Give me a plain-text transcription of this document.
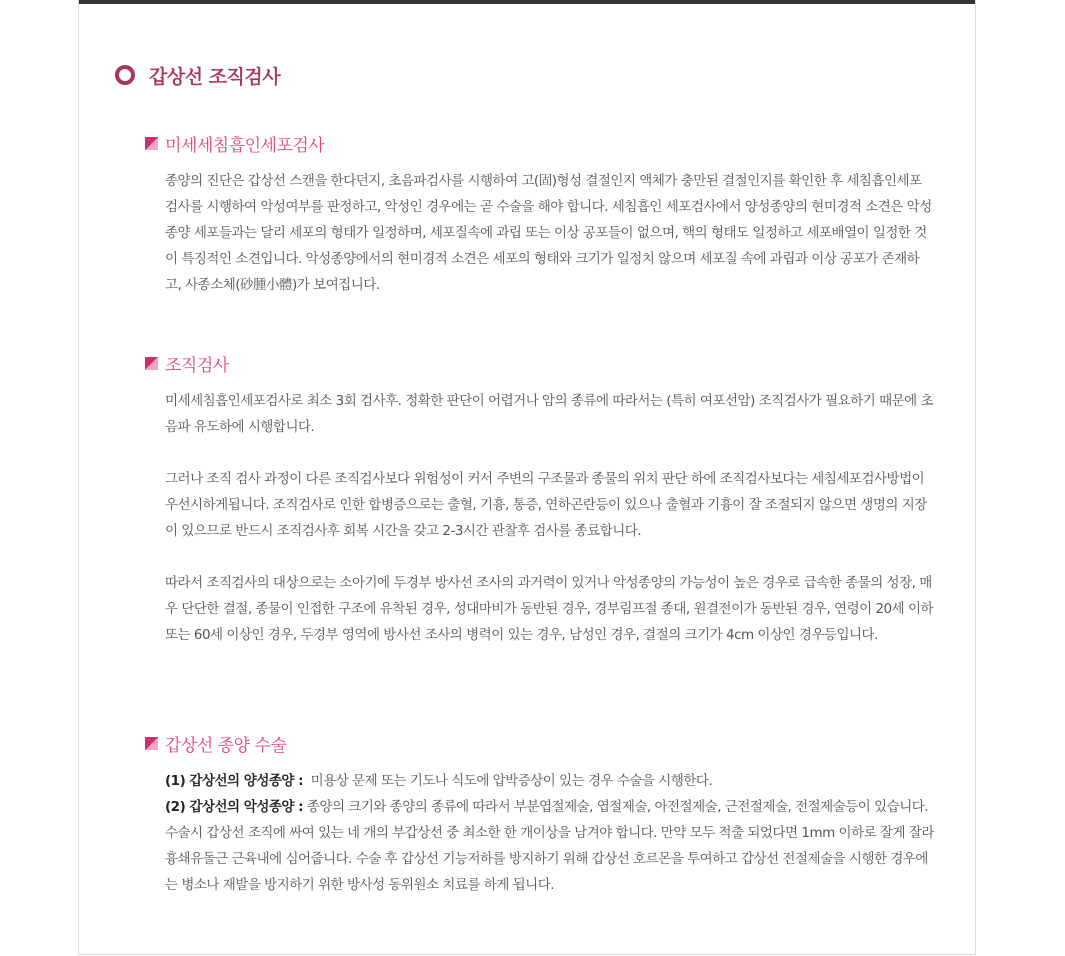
갑상선 조직검사
미세세침흡인세포검사

종양의 진단은 갑상선 스캔을 한다던지, 초음파검사를 시행하여 고(固)형성 결절인지 액체가 충만된 결절인지를 확인한 후 세침흡인세포 검사를 시행하여 악성여부를 판정하고, 악성인 경우에는 곧 수술을 해야 합니다. 세침흡인 세포검사에서 양성종양의 현미경적 소견은 악성종양 세포들과는 달리 세포의 형태가 일정하며, 세포질속에 과립 또는 이상 공포들이 없으며, 핵의 형태도 일정하고 세포배열이 일정한 것이 특징적인 소견입니다. 악성종양에서의 현미경적 소견은 세포의 형태와 크기가 일정치 않으며 세포질 속에 과립과 이상 공포가 존재하고, 사종소체(砂腫小體)가 보여집니다.

조직검사

미세세침흡인세포검사로 최소 3회 검사후. 정확한 판단이 어렵거나 암의 종류에 따라서는 (특히 여포선암) 조직검사가 필요하기 때문에 초음파 유도하에 시행합니다.

그러나 조직 검사 과정이 다른 조직검사보다 위험성이 커서 주변의 구조물과 종물의 위치 판단 하에 조직검사보다는 세침세포검사방법이 우선시하게됩니다. 조직검사로 인한 합병증으로는 출혈, 기흉, 통증, 연하곤란등이 있으나 출혈과 기흉이 잘 조절되지 않으면 생명의 지장이 있으므로 반드시 조직검사후 회복 시간을 갖고 2-3시간 관찰후 검사를 종료합니다.

따라서 조직검사의 대상으로는 소아기에 두경부 방사선 조사의 과거력이 있거나 악성종양의 가능성이 높은 경우로 급속한 종물의 성장, 매우 단단한 결절, 종물이 인접한 구조에 유착된 경우, 성대마비가 동반된 경우, 경부림프절 종대, 원결전이가 동반된 경우, 연령이 20세 이하 또는 60세 이상인 경우, 두경부 영역에 방사선 조사의 병력이 있는 경우, 남성인 경우, 결절의 크기가 4cm 이상인 경우등입니다.

갑상선 종양 수술

(1) 갑상선의 양성종양 : 미용상 문제 또는 기도나 식도에 압박증상이 있는 경우 수술을 시행한다.

(2) 갑상선의 악성종양 : 종양의 크기와 종양의 종류에 따라서 부분엽절제술, 엽절제술, 아전절제술, 근전절제술, 전절제술등이 있습니다. 수술시 갑상선 조직에 싸여 있는 네 개의 부갑상선 중 최소한 한 개이상을 남겨야 합니다. 만약 모두 적출 되었다면 1mm 이하로 잘게 잘라 흉쇄유돌근 근육내에 심어줍니다. 수술 후 갑상선 기능저하를 방지하기 위해 갑상선 호르몬을 투여하고 갑상선 전절제술을 시행한 경우에는 병소나 재발을 방지하기 위한 방사성 동위원소 치료를 하게 됩니다.
